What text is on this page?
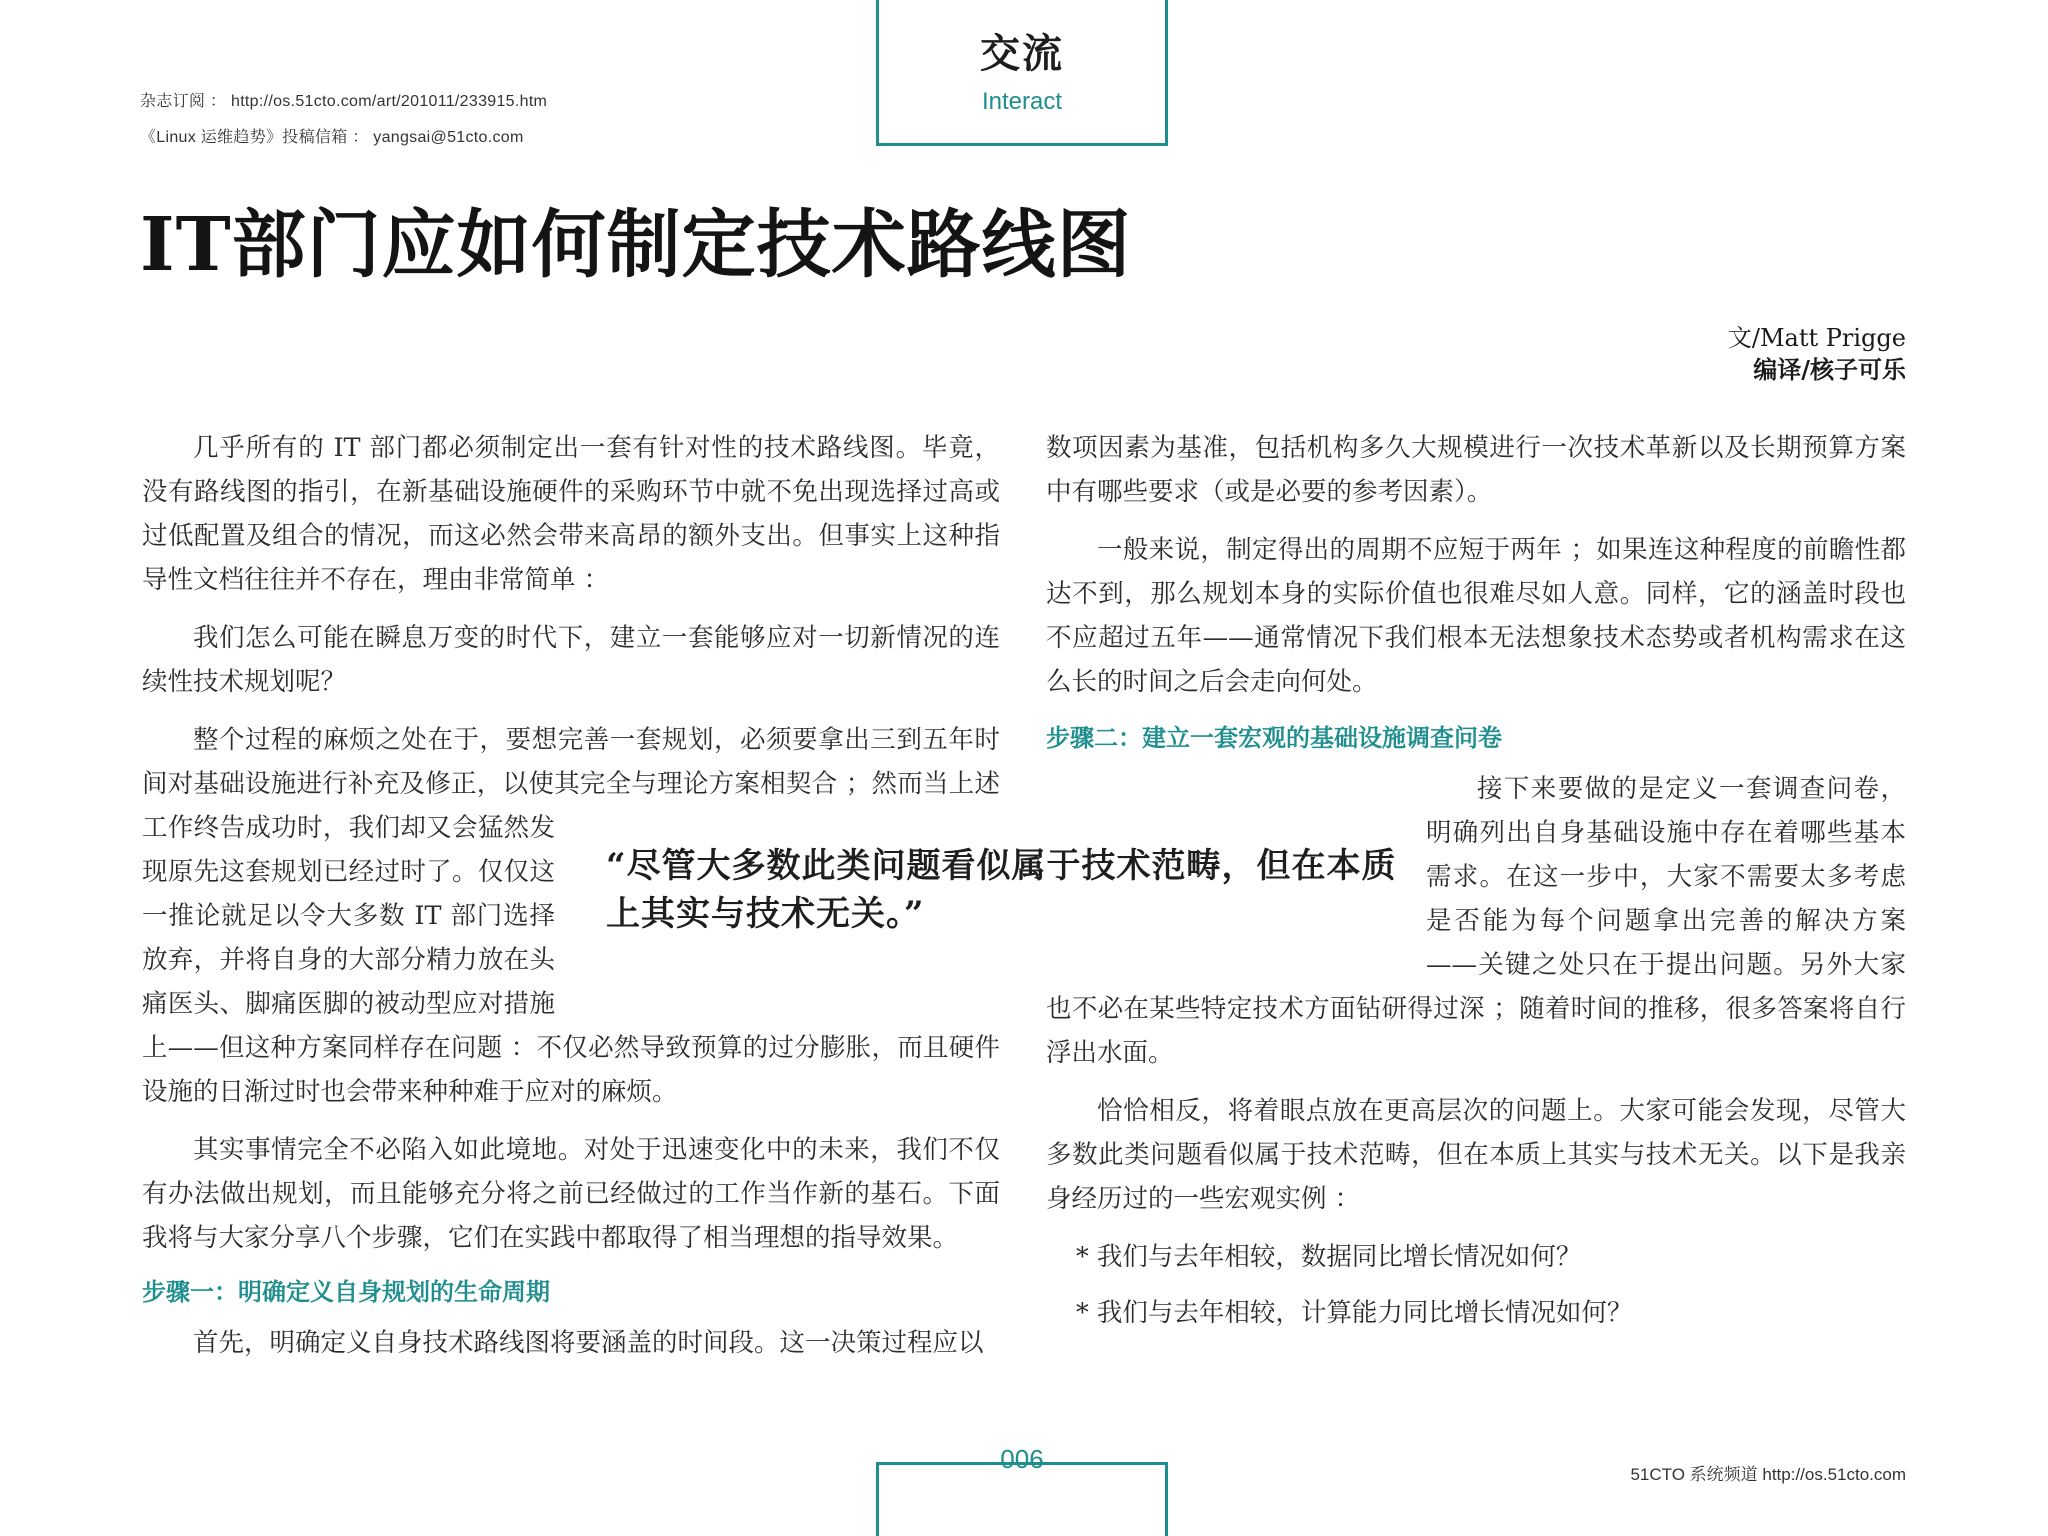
杂志订阅 ： http://os.51cto.com/art/201011/233915.htm
《Linux 运维趋势》投稿信箱 ： yangsai@51cto.com
交流
Interact
IT部门应如何制定技术路线图
文/Matt Prigge
编译/核子可乐

几乎所有的 IT 部门都必须制定出一套有针对性的技术路线图。毕竟，没有路线图的指引，在新基础设施硬件的采购环节中就不免出现选择过高或过低配置及组合的情况，而这必然会带来高昂的额外支出。但事实上这种指导性文档往往并不存在，理由非常简单 ：

我们怎么可能在瞬息万变的时代下，建立一套能够应对一切新情况的连续性技术规划呢？

整个过程的麻烦之处在于，要想完善一套规划，必须要拿出三到五年时间对基础设施进行补充及修正，以使其完全与理论方案相契合 ；然而当上述工作终告成功时，我们却又会猛然发现原先这套规划已经过时了。仅仅这一推论就足以令大多数 IT 部门选择放弃，并将自身的大部分精力放在头痛医头、脚痛医脚的被动型应对措施上——但这种方案同样存在问题 ：不仅必然导致预算的过分膨胀，而且硬件设施的日渐过时也会带来种种难于应对的麻烦。

其实事情完全不必陷入如此境地。对处于迅速变化中的未来，我们不仅有办法做出规划，而且能够充分将之前已经做过的工作当作新的基石。下面我将与大家分享八个步骤，它们在实践中都取得了相当理想的指导效果。

步骤一：明确定义自身规划的生命周期

首先，明确定义自身技术路线图将要涵盖的时间段。这一决策过程应以

数项因素为基准，包括机构多久大规模进行一次技术革新以及长期预算方案中有哪些要求（或是必要的参考因素）。

一般来说，制定得出的周期不应短于两年 ；如果连这种程度的前瞻性都达不到，那么规划本身的实际价值也很难尽如人意。同样，它的涵盖时段也不应超过五年——通常情况下我们根本无法想象技术态势或者机构需求在这么长的时间之后会走向何处。

步骤二：建立一套宏观的基础设施调查问卷
接下来要做的是定义一套调查问卷，明确列出自身基础设施中存在着哪些基本需求。在这一步中，大家不需要太多考虑是否能为每个问题拿出完善的解决方案——关键之处只在于提出问题。另外大家也不必在某些特定技术方面钻研得过深 ；随着时间的推移，很多答案将自行浮出水面。

恰恰相反，将着眼点放在更高层次的问题上。大家可能会发现，尽管大多数此类问题看似属于技术范畴，但在本质上其实与技术无关。以下是我亲身经历过的一些宏观实例 ：

* 我们与去年相较，数据同比增长情况如何？
* 我们与去年相较，计算能力同比增长情况如何？
“尽管大多数此类问题看似属于技术范畴，但在本质上其实与技术无关。”
006
51CTO 系统频道 http://os.51cto.com
